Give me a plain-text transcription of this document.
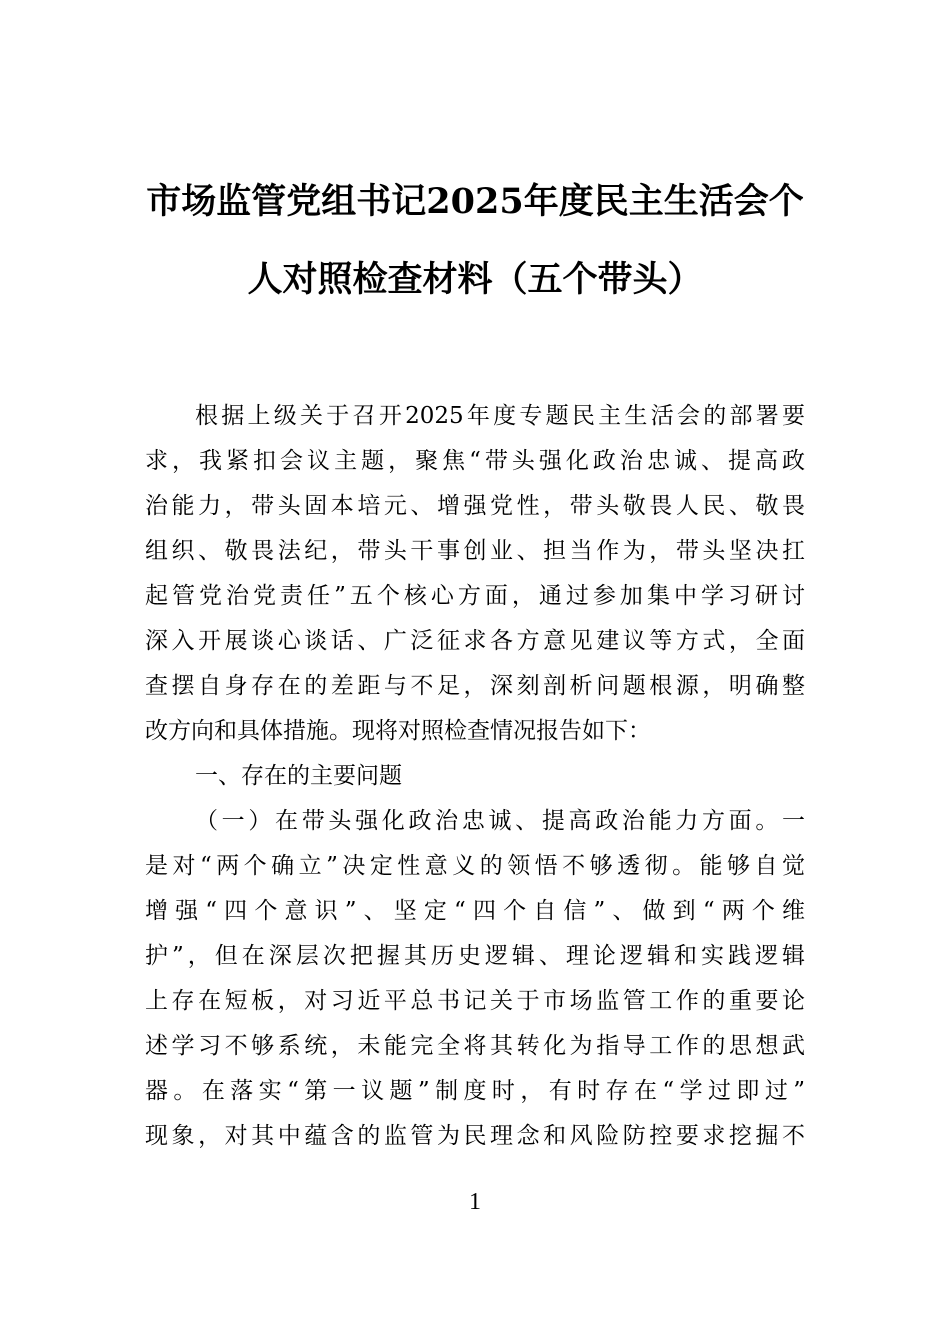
市场监管党组书记2025年度民主生活会个
人对照检查材料（五个带头）
根据上级关于召开2025年度专题民主生活会的部署要
求，我紧扣会议主题，聚焦“带头强化政治忠诚、提高政
治能力，带头固本培元、增强党性，带头敬畏人民、敬畏
组织、敬畏法纪，带头干事创业、担当作为，带头坚决扛
起管党治党责任”五个核心方面，通过参加集中学习研讨
深入开展谈心谈话、广泛征求各方意见建议等方式，全面
查摆自身存在的差距与不足，深刻剖析问题根源，明确整
改方向和具体措施。现将对照检查情况报告如下：
一、存在的主要问题
（一）在带头强化政治忠诚、提高政治能力方面。一
是对“两个确立”决定性意义的领悟不够透彻。能够自觉
增强“四个意识”、坚定“四个自信”、做到“两个维
护”，但在深层次把握其历史逻辑、理论逻辑和实践逻辑
上存在短板，对习近平总书记关于市场监管工作的重要论
述学习不够系统，未能完全将其转化为指导工作的思想武
器。在落实“第一议题”制度时，有时存在“学过即过”
现象，对其中蕴含的监管为民理念和风险防控要求挖掘不
1
